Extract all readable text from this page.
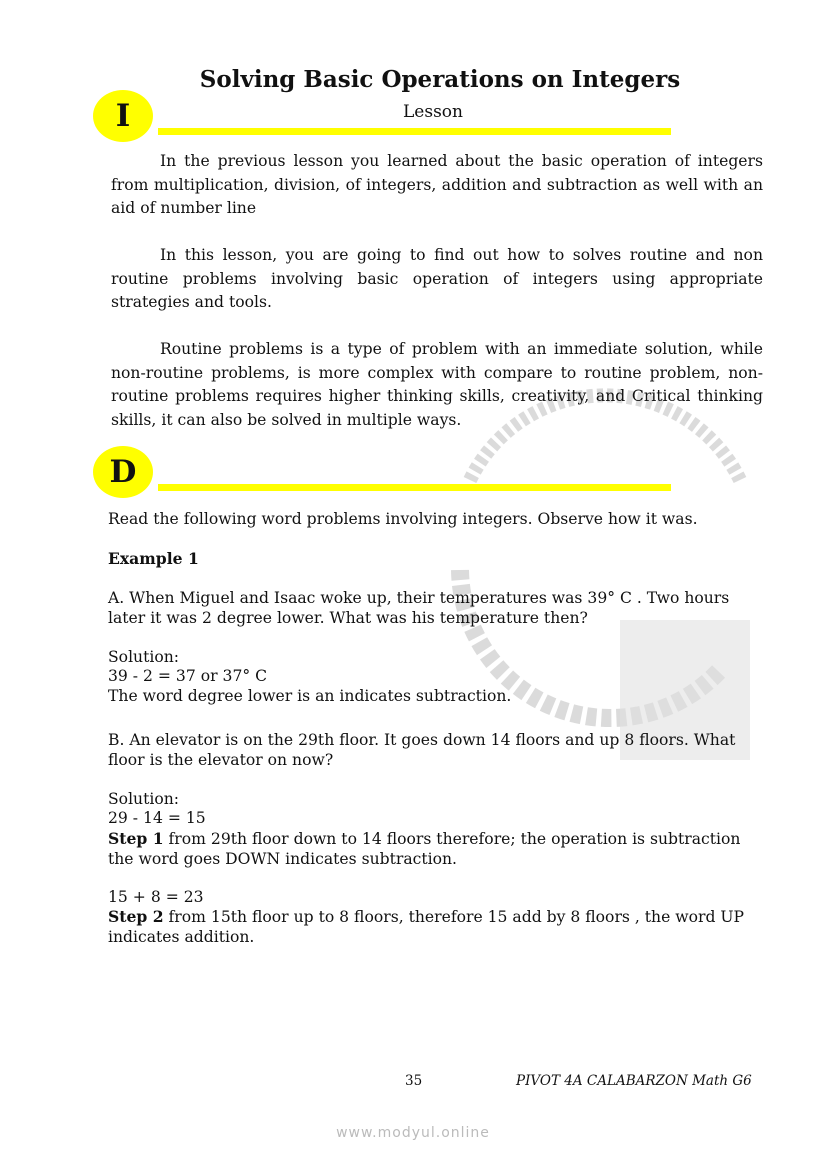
Solving Basic Operations on Integers
I	Lesson
In the previous lesson you learned about the basic operation of integers from multiplication, division, of integers, addition and subtraction as well with an aid of number line
In this lesson, you are going to find out how to solves routine and non routine problems involving basic operation of integers using appropriate strategies and tools.
Routine problems is a type of problem with an immediate solution, while non-routine problems, is more complex with compare to routine problem, non-routine problems requires higher thinking skills, creativity, and Critical thinking skills, it can also be solved in multiple ways.
D
Read the following word problems involving integers. Observe how it was.
Example 1
A. When Miguel and Isaac woke up, their temperatures was 39° C . Two hours later it was 2 degree lower. What was his temperature then?
Solution:
39 - 2 = 37 or 37° C
The word degree lower is an indicates subtraction.
B. An elevator is on the 29th floor. It goes down 14 floors and up 8 floors. What floor is the elevator on now?
Solution:
29 - 14 = 15
Step 1 from 29th floor down to 14 floors therefore; the operation is subtraction the word goes DOWN indicates subtraction.
15 + 8 = 23
Step 2 from 15th floor up to 8 floors, therefore 15 add by 8 floors , the word UP indicates addition.
35	PIVOT 4A CALABARZON Math G6
www.modyul.online
